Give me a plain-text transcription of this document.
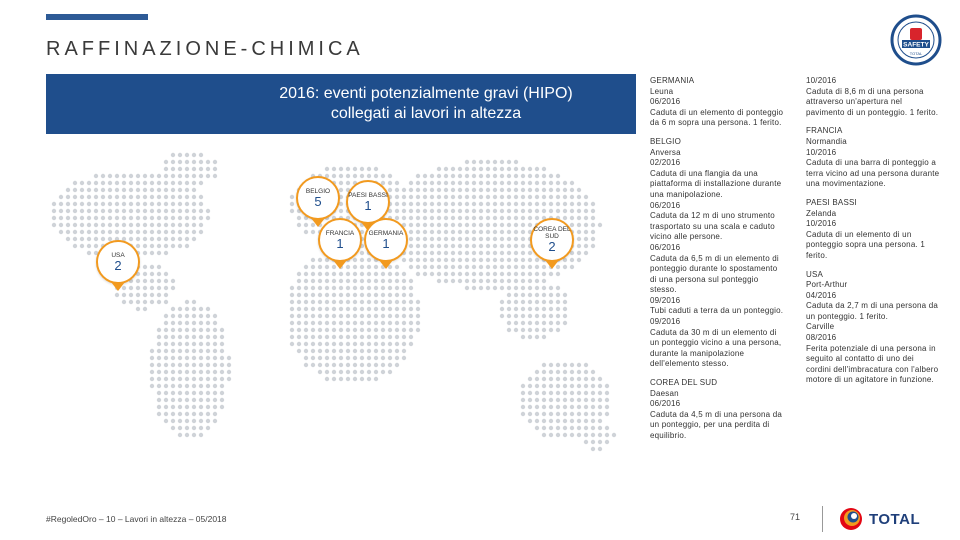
RAFFINAZIONE-CHIMICA	SAFETY
TOTAL
2016: eventi potenzialmente gravi (HIPO)
collegati ai lavori in altezza
BELGIO
5	PAESI BASSI
1
FRANCIA
1
GERMANIA
1
USA
2
COREA DEL SUD
2

GERMANIA
Leuna
06/2016
Caduta di un elemento di ponteggio da 6 m sopra una persona. 1 ferito.

BELGIO
Anversa
02/2016
Caduta di una flangia da una piattaforma di installazione durante una manipolazione.
06/2016
Caduta da 12 m di uno strumento trasportato su una scala e caduto vicino alle persone.
06/2016
Caduta da 6,5 m di un elemento di ponteggio durante lo spostamento di una persona sul ponteggio stesso.
09/2016
Tubi caduti a terra da un ponteggio.
09/2016
Caduta da 30 m di un elemento di un ponteggio vicino a una persona, durante la manipolazione dell'elemento stesso.

COREA DEL SUD
Daesan
06/2016
Caduta da 4,5 m di una persona da un ponteggio, per una perdita di equilibrio.

10/2016
Caduta di 8,6 m di una persona attraverso un'apertura nel pavimento di un ponteggio. 1 ferito.

FRANCIA
Normandia
10/2016
Caduta di una barra di ponteggio a terra vicino ad una persona durante una movimentazione.

PAESI BASSI
Zelanda
10/2016
Caduta di un elemento di un ponteggio sopra una persona. 1 ferito.

USA
Port-Arthur
04/2016
Caduta da 2,7 m di una persona da un ponteggio. 1 ferito.
Carville
08/2016
Ferita potenziale di una persona in seguito al contatto di uno dei cordini dell'imbracatura con l'albero motore di un agitatore in funzione.

#RegoledOro – 10 – Lavori in altezza – 05/2018	71	TOTAL
